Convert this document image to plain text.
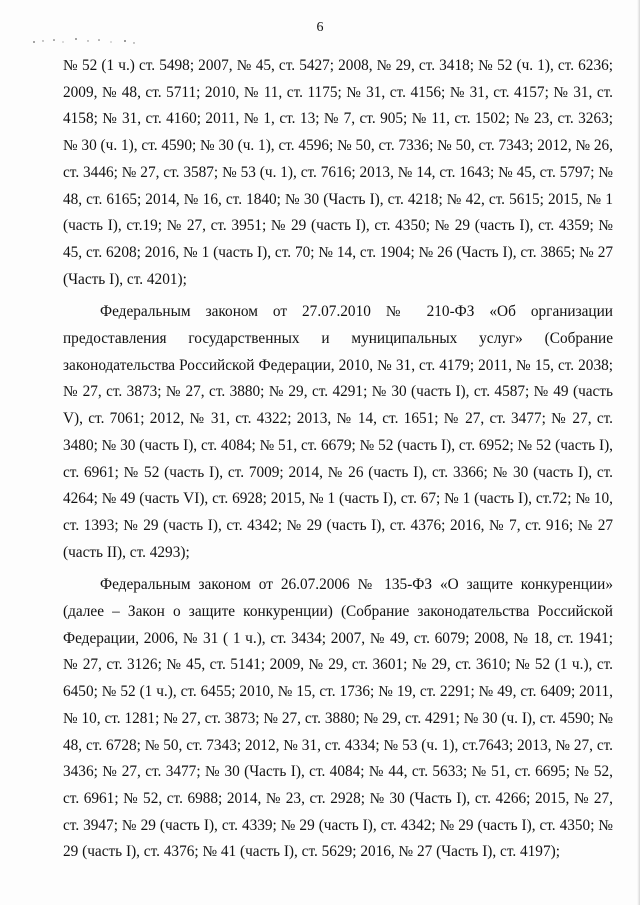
6

№ 52 (1 ч.) ст. 5498; 2007, № 45, ст. 5427; 2008, № 29, ст. 3418; № 52 (ч. 1), ст. 6236; 2009, № 48, ст. 5711; 2010, № 11, ст. 1175; № 31, ст. 4156; № 31, ст. 4157; № 31, ст. 4158; № 31, ст. 4160; 2011, № 1, ст. 13; № 7, ст. 905; № 11, ст. 1502; № 23, ст. 3263; № 30 (ч. 1), ст. 4590; № 30 (ч. 1), ст. 4596; № 50, ст. 7336; № 50, ст. 7343; 2012, № 26, ст. 3446; № 27, ст. 3587; № 53 (ч. 1), ст. 7616; 2013, № 14, ст. 1643; № 45, ст. 5797; № 48, ст. 6165; 2014, № 16, ст. 1840; № 30 (Часть I), ст. 4218; № 42, ст. 5615; 2015, № 1 (часть I), ст.19; № 27, ст. 3951; № 29 (часть I), ст. 4350; № 29 (часть I), ст. 4359; № 45, ст. 6208; 2016, № 1 (часть I), ст. 70; № 14, ст. 1904; № 26 (Часть I), ст. 3865; № 27 (Часть I), ст. 4201);

Федеральным законом от 27.07.2010 № 210-ФЗ «Об организации предоставления государственных и муниципальных услуг» (Собрание законодательства Российской Федерации, 2010, № 31, ст. 4179; 2011, № 15, ст. 2038; № 27, ст. 3873; № 27, ст. 3880; № 29, ст. 4291; № 30 (часть I), ст. 4587; № 49 (часть V), ст. 7061; 2012, № 31, ст. 4322; 2013, № 14, ст. 1651; № 27, ст. 3477; № 27, ст. 3480; № 30 (часть I), ст. 4084; № 51, ст. 6679; № 52 (часть I), ст. 6952; № 52 (часть I), ст. 6961; № 52 (часть I), ст. 7009; 2014, № 26 (часть I), ст. 3366; № 30 (часть I), ст. 4264; № 49 (часть VI), ст. 6928; 2015, № 1 (часть I), ст. 67; № 1 (часть I), ст.72; № 10, ст. 1393; № 29 (часть I), ст. 4342; № 29 (часть I), ст. 4376; 2016, № 7, ст. 916; № 27 (часть II), ст. 4293);

Федеральным законом от 26.07.2006 № 135-ФЗ «О защите конкуренции» (далее – Закон о защите конкуренции) (Собрание законодательства Российской Федерации, 2006, № 31 ( 1 ч.), ст. 3434; 2007, № 49, ст. 6079; 2008, № 18, ст. 1941; № 27, ст. 3126; № 45, ст. 5141; 2009, № 29, ст. 3601; № 29, ст. 3610; № 52 (1 ч.), ст. 6450; № 52 (1 ч.), ст. 6455; 2010, № 15, ст. 1736; № 19, ст. 2291; № 49, ст. 6409; 2011, № 10, ст. 1281; № 27, ст. 3873; № 27, ст. 3880; № 29, ст. 4291; № 30 (ч. I), ст. 4590; № 48, ст. 6728; № 50, ст. 7343; 2012, № 31, ст. 4334; № 53 (ч. 1), ст.7643; 2013, № 27, ст. 3436; № 27, ст. 3477; № 30 (Часть I), ст. 4084; № 44, ст. 5633; № 51, ст. 6695; № 52, ст. 6961; № 52, ст. 6988; 2014, № 23, ст. 2928; № 30 (Часть I), ст. 4266; 2015, № 27, ст. 3947; № 29 (часть I), ст. 4339; № 29 (часть I), ст. 4342; № 29 (часть I), ст. 4350; № 29 (часть I), ст. 4376; № 41 (часть I), ст. 5629; 2016, № 27 (Часть I), ст. 4197);
